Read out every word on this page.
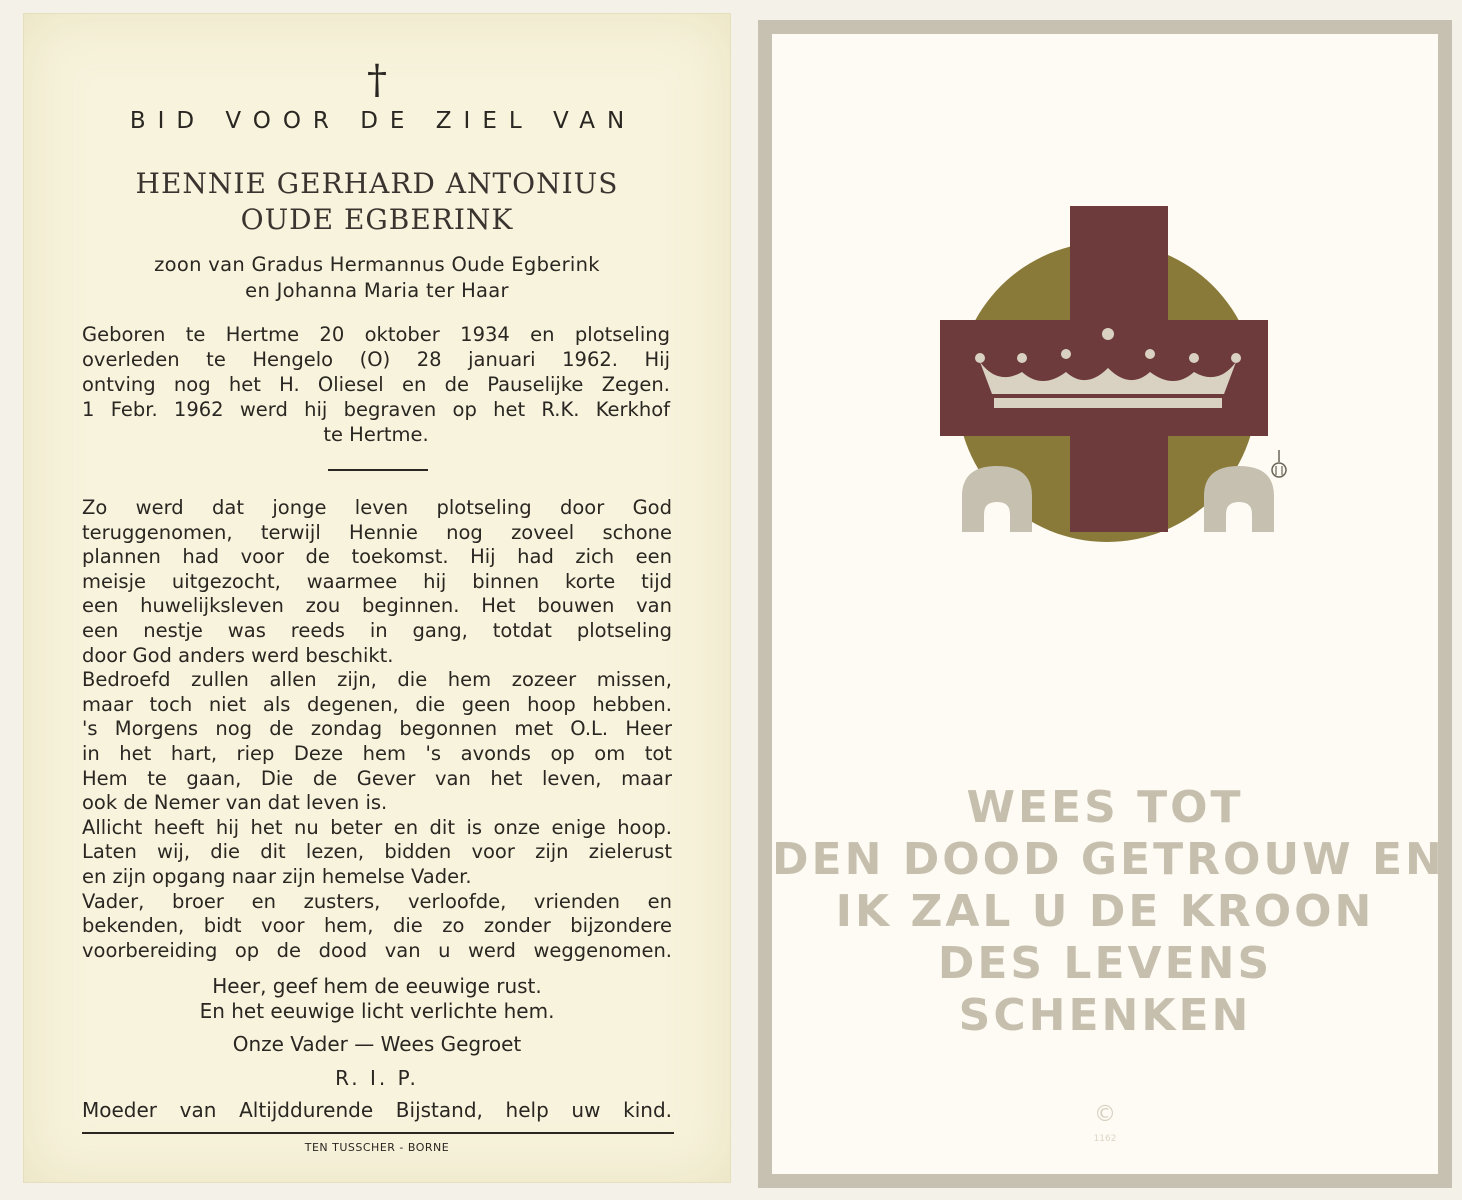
†
BID VOOR DE ZIEL VAN
HENNIE GERHARD ANTONIUS
OUDE EGBERINK
zoon van Gradus Hermannus Oude Egberink
en Johanna Maria ter Haar
Geboren te Hertme 20 oktober 1934 en plotseling
overleden te Hengelo (O) 28 januari 1962. Hij
ontving nog het H. Oliesel en de Pauselijke Zegen.
1 Febr. 1962 werd hij begraven op het R.K. Kerkhof
te Hertme.
Zo werd dat jonge leven plotseling door God
teruggenomen, terwijl Hennie nog zoveel schone
plannen had voor de toekomst. Hij had zich een
meisje uitgezocht, waarmee hij binnen korte tijd
een huwelijksleven zou beginnen. Het bouwen van
een nestje was reeds in gang, totdat plotseling
door God anders werd beschikt.
Bedroefd zullen allen zijn, die hem zozeer missen,
maar toch niet als degenen, die geen hoop hebben.
's Morgens nog de zondag begonnen met O.L. Heer
in het hart, riep Deze hem 's avonds op om tot
Hem te gaan, Die de Gever van het leven, maar
ook de Nemer van dat leven is.
Allicht heeft hij het nu beter en dit is onze enige hoop.
Laten wij, die dit lezen, bidden voor zijn zielerust
en zijn opgang naar zijn hemelse Vader.
Vader, broer en zusters, verloofde, vrienden en
bekenden, bidt voor hem, die zo zonder bijzondere
voorbereiding op de dood van u werd weggenomen.
Heer, geef hem de eeuwige rust.
En het eeuwige licht verlichte hem.
Onze Vader — Wees Gegroet
R. I. P.
Moeder van Altijddurende Bijstand, help uw kind.
TEN TUSSCHER - BORNE
WEES TOT
DEN DOOD GETROUW EN
IK ZAL U DE KROON
DES LEVENS
SCHENKEN
©
1162
